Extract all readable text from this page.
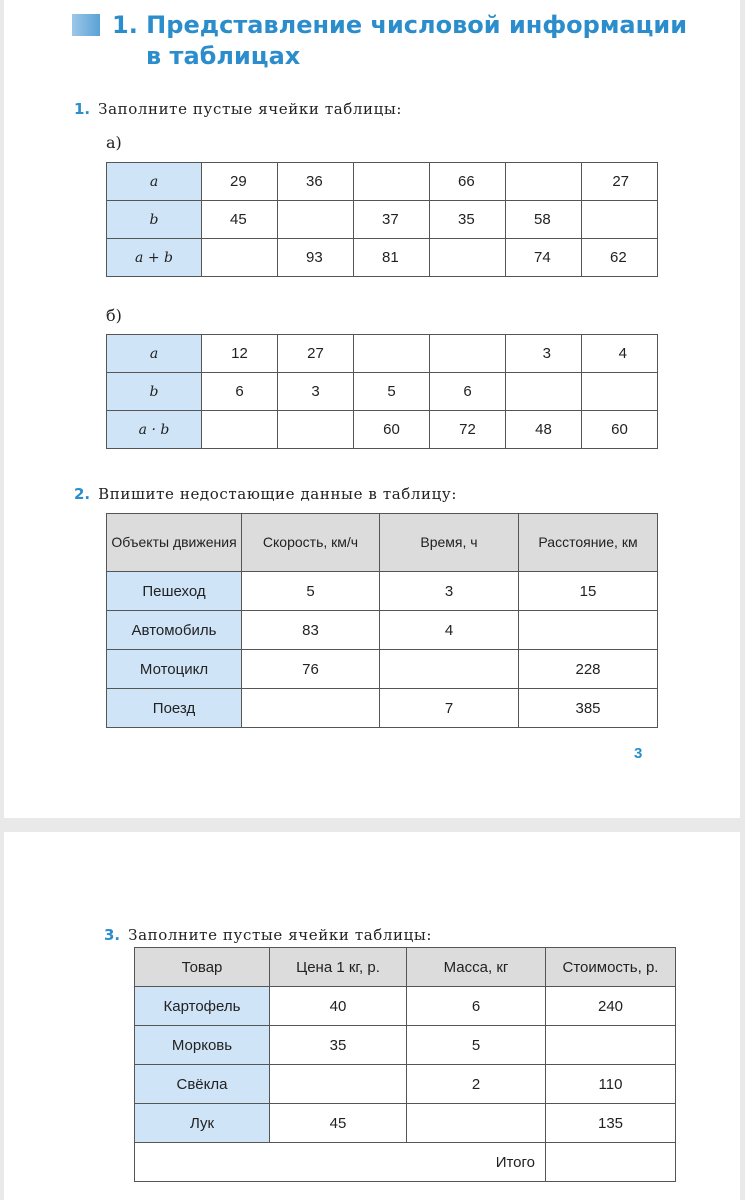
1. Представление числовой информации
в таблицах
1. Заполните пустые ячейки таблицы:
а)
a	29	36		66		27
b	45		37	35	58	
a + b		93	81		74	62
б)
a	12	27			3	4
b	6	3	5	6		
a · b			60	72	48	60
2. Впишите недостающие данные в таблицу:
Объекты движения	Скорость, км/ч	Время, ч	Расстояние, км
Пешеход	5	3	15
Автомобиль	83	4	
Мотоцикл	76		228
Поезд		7	385
3
3. Заполните пустые ячейки таблицы:
Товар	Цена 1 кг, р.	Масса, кг	Стоимость, р.
Картофель	40	6	240
Морковь	35	5	
Свёкла		2	110
Лук	45		135
Итого			
